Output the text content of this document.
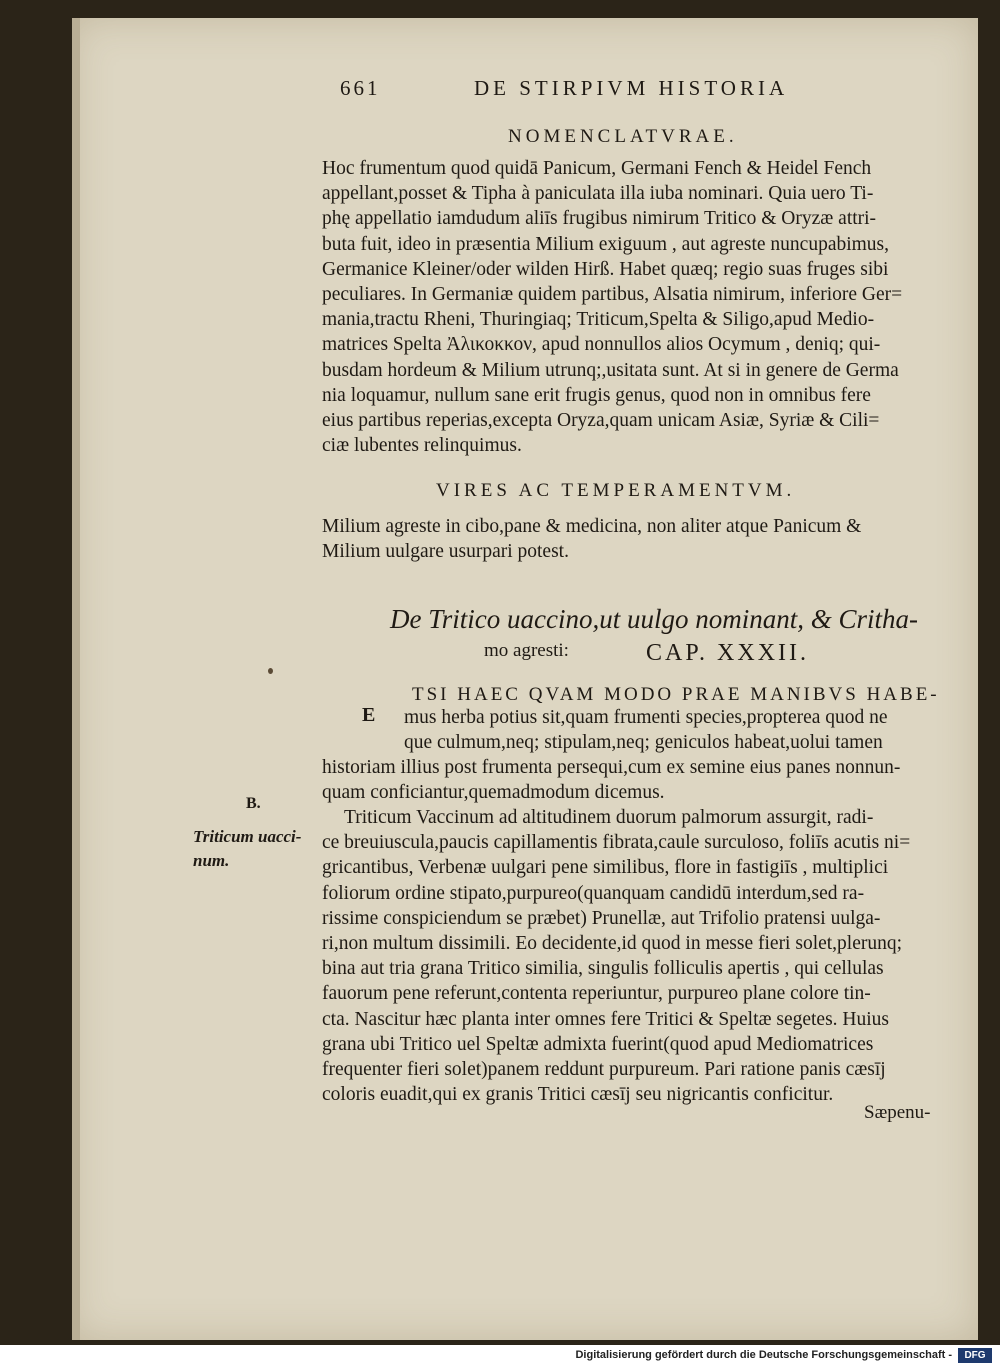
661	DE STIRPIVM HISTORIA
NOMENCLATVRAE.
Hoc frumentum quod quidā Panicum, Germani Fench & Heidel Fench
appellant,posset & Tipha à paniculata illa iuba nominari. Quia uero Ti-
phę appellatio iamdudum aliīs frugibus nimirum Tritico & Oryzæ attri-
buta fuit, ideo in præsentia Milium exiguum , aut agreste nuncupabimus,
Germanice Kleiner/oder wilden Hirß. Habet quæq; regio suas fruges sibi
peculiares. In Germaniæ quidem partibus, Alsatia nimirum, inferiore Ger=
mania,tractu Rheni, Thuringiaq; Triticum,Spelta & Siligo,apud Medio-
matrices Spelta Ἀλικοκκον, apud nonnullos alios Ocymum , deniq; qui-
busdam hordeum & Milium utrunq;,usitata sunt. At si in genere de Germa
nia loquamur, nullum sane erit frugis genus, quod non in omnibus fere
eius partibus reperias,excepta Oryza,quam unicam Asiæ, Syriæ & Cili=
ciæ lubentes relinquimus.
VIRES AC TEMPERAMENTVM.
Milium agreste in cibo,pane & medicina, non aliter atque Panicum &
Milium uulgare usurpari potest.
De Tritico uaccino,ut uulgo nominant, & Critha-
mo agresti:	CAP. XXXII.
TSI HAEC QVAM MODO PRAE MANIBVS HABE-
E mus herba potius sit,quam frumenti species,propterea quod ne
que culmum,neq; stipulam,neq; geniculos habeat,uolui tamen
historiam illius post frumenta persequi,cum ex semine eius panes nonnun-
quam conficiantur,quemadmodum dicemus.
B.
Triticum uacci- num.
Triticum Vaccinum ad altitudinem duorum palmorum assurgit, radi-
ce breuiuscula,paucis capillamentis fibrata,caule surculoso, foliīs acutis ni=
gricantibus, Verbenæ uulgari pene similibus, flore in fastigiīs , multiplici
foliorum ordine stipato,purpureo(quanquam candidū interdum,sed ra-
rissime conspiciendum se præbet) Prunellæ, aut Trifolio pratensi uulga-
ri,non multum dissimili. Eo decidente,id quod in messe fieri solet,plerunq;
bina aut tria grana Tritico similia, singulis folliculis apertis , qui cellulas
fauorum pene referunt,contenta reperiuntur, purpureo plane colore tin-
cta. Nascitur hæc planta inter omnes fere Tritici & Speltæ segetes. Huius
grana ubi Tritico uel Speltæ admixta fuerint(quod apud Mediomatrices
frequenter fieri solet)panem reddunt purpureum. Pari ratione panis cæsīj
coloris euadit,qui ex granis Tritici cæsīj seu nigricantis conficitur.
Sæpenu-
Digitalisierung gefördert durch die Deutsche Forschungsgemeinschaft -	DFG
